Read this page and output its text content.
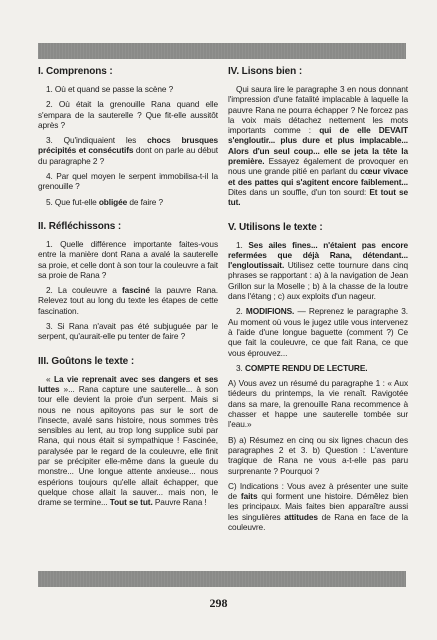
I. Comprenons :

1. Où et quand se passe la scène ?

2. Où était la grenouille Rana quand elle s'empara de la sauterelle ? Que fit-elle aussitôt après ?

3. Qu'indiquaient les chocs brusques précipités et consécutifs dont on parle au début du paragraphe 2 ?

4. Par quel moyen le serpent immobilisa-t-il la grenouille ?

5. Que fut-elle obligée de faire ?

II. Réfléchissons :

1. Quelle différence importante faites-vous entre la manière dont Rana a avalé la sauterelle sa proie, et celle dont à son tour la couleuvre a fait sa proie de Rana ?

2. La couleuvre a fasciné la pauvre Rana. Relevez tout au long du texte les étapes de cette fascination.

3. Si Rana n'avait pas été subjuguée par le serpent, qu'aurait-elle pu tenter de faire ?

III. Goûtons le texte :

« La vie reprenait avec ses dangers et ses luttes »... Rana capture une sauterelle... à son tour elle devient la proie d'un serpent. Mais si nous ne nous apitoyons pas sur le sort de l'insecte, avalé sans histoire, nous sommes très sensibles au lent, au trop long supplice subi par Rana, qui nous était si sympathique ! Fascinée, paralysée par le regard de la couleuvre, elle finit par se précipiter elle-même dans la gueule du monstre... Une longue attente anxieuse... nous espérions toujours qu'elle allait échapper, que quelque chose allait la sauver... mais non, le drame se termine... Tout se tut. Pauvre Rana !

IV. Lisons bien :

Qui saura lire le paragraphe 3 en nous donnant l'impression d'une fatalité implacable à laquelle la pauvre Rana ne pourra échapper ? Ne forcez pas la voix mais détachez nettement les mots importants comme : qui de elle DEVAIT s'engloutir... plus dure et plus implacable... Alors d'un seul coup... elle se jeta la tête la première. Essayez également de provoquer en nous une grande pitié en parlant du cœur vivace et des pattes qui s'agitent encore faiblement... Dites dans un souffle, d'un ton sourd: Et tout se tut.

V. Utilisons le texte :

1. Ses ailes fines... n'étaient pas encore refermées que déjà Rana, détendant... l'engloutissait. Utilisez cette tournure dans cinq phrases se rapportant : a) à la navigation de Jean Grillon sur la Moselle ; b) à la chasse de la loutre dans l'étang ; c) aux exploits d'un nageur.

2. MODIFIONS. — Reprenez le paragraphe 3. Au moment où vous le jugez utile vous intervenez à l'aide d'une longue baguette (comment ?) Ce que fait la couleuvre, ce que fait Rana, ce que vous éprouvez...

3. COMPTE RENDU DE LECTURE.

A) Vous avez un résumé du paragraphe 1 : « Aux tiédeurs du printemps, la vie renaît. Ravigotée dans sa mare, la grenouille Rana recommence à chasser et happe une sauterelle tombée sur l'eau.»

B) a) Résumez en cinq ou six lignes chacun des paragraphes 2 et 3. b) Question : L'aventure tragique de Rana ne vous a-t-elle pas paru surprenante ? Pourquoi ?

C) Indications : Vous avez à présenter une suite de faits qui forment une histoire. Démêlez bien les principaux. Mais faites bien apparaître aussi les singulières attitudes de Rana en face de la couleuvre.

298
